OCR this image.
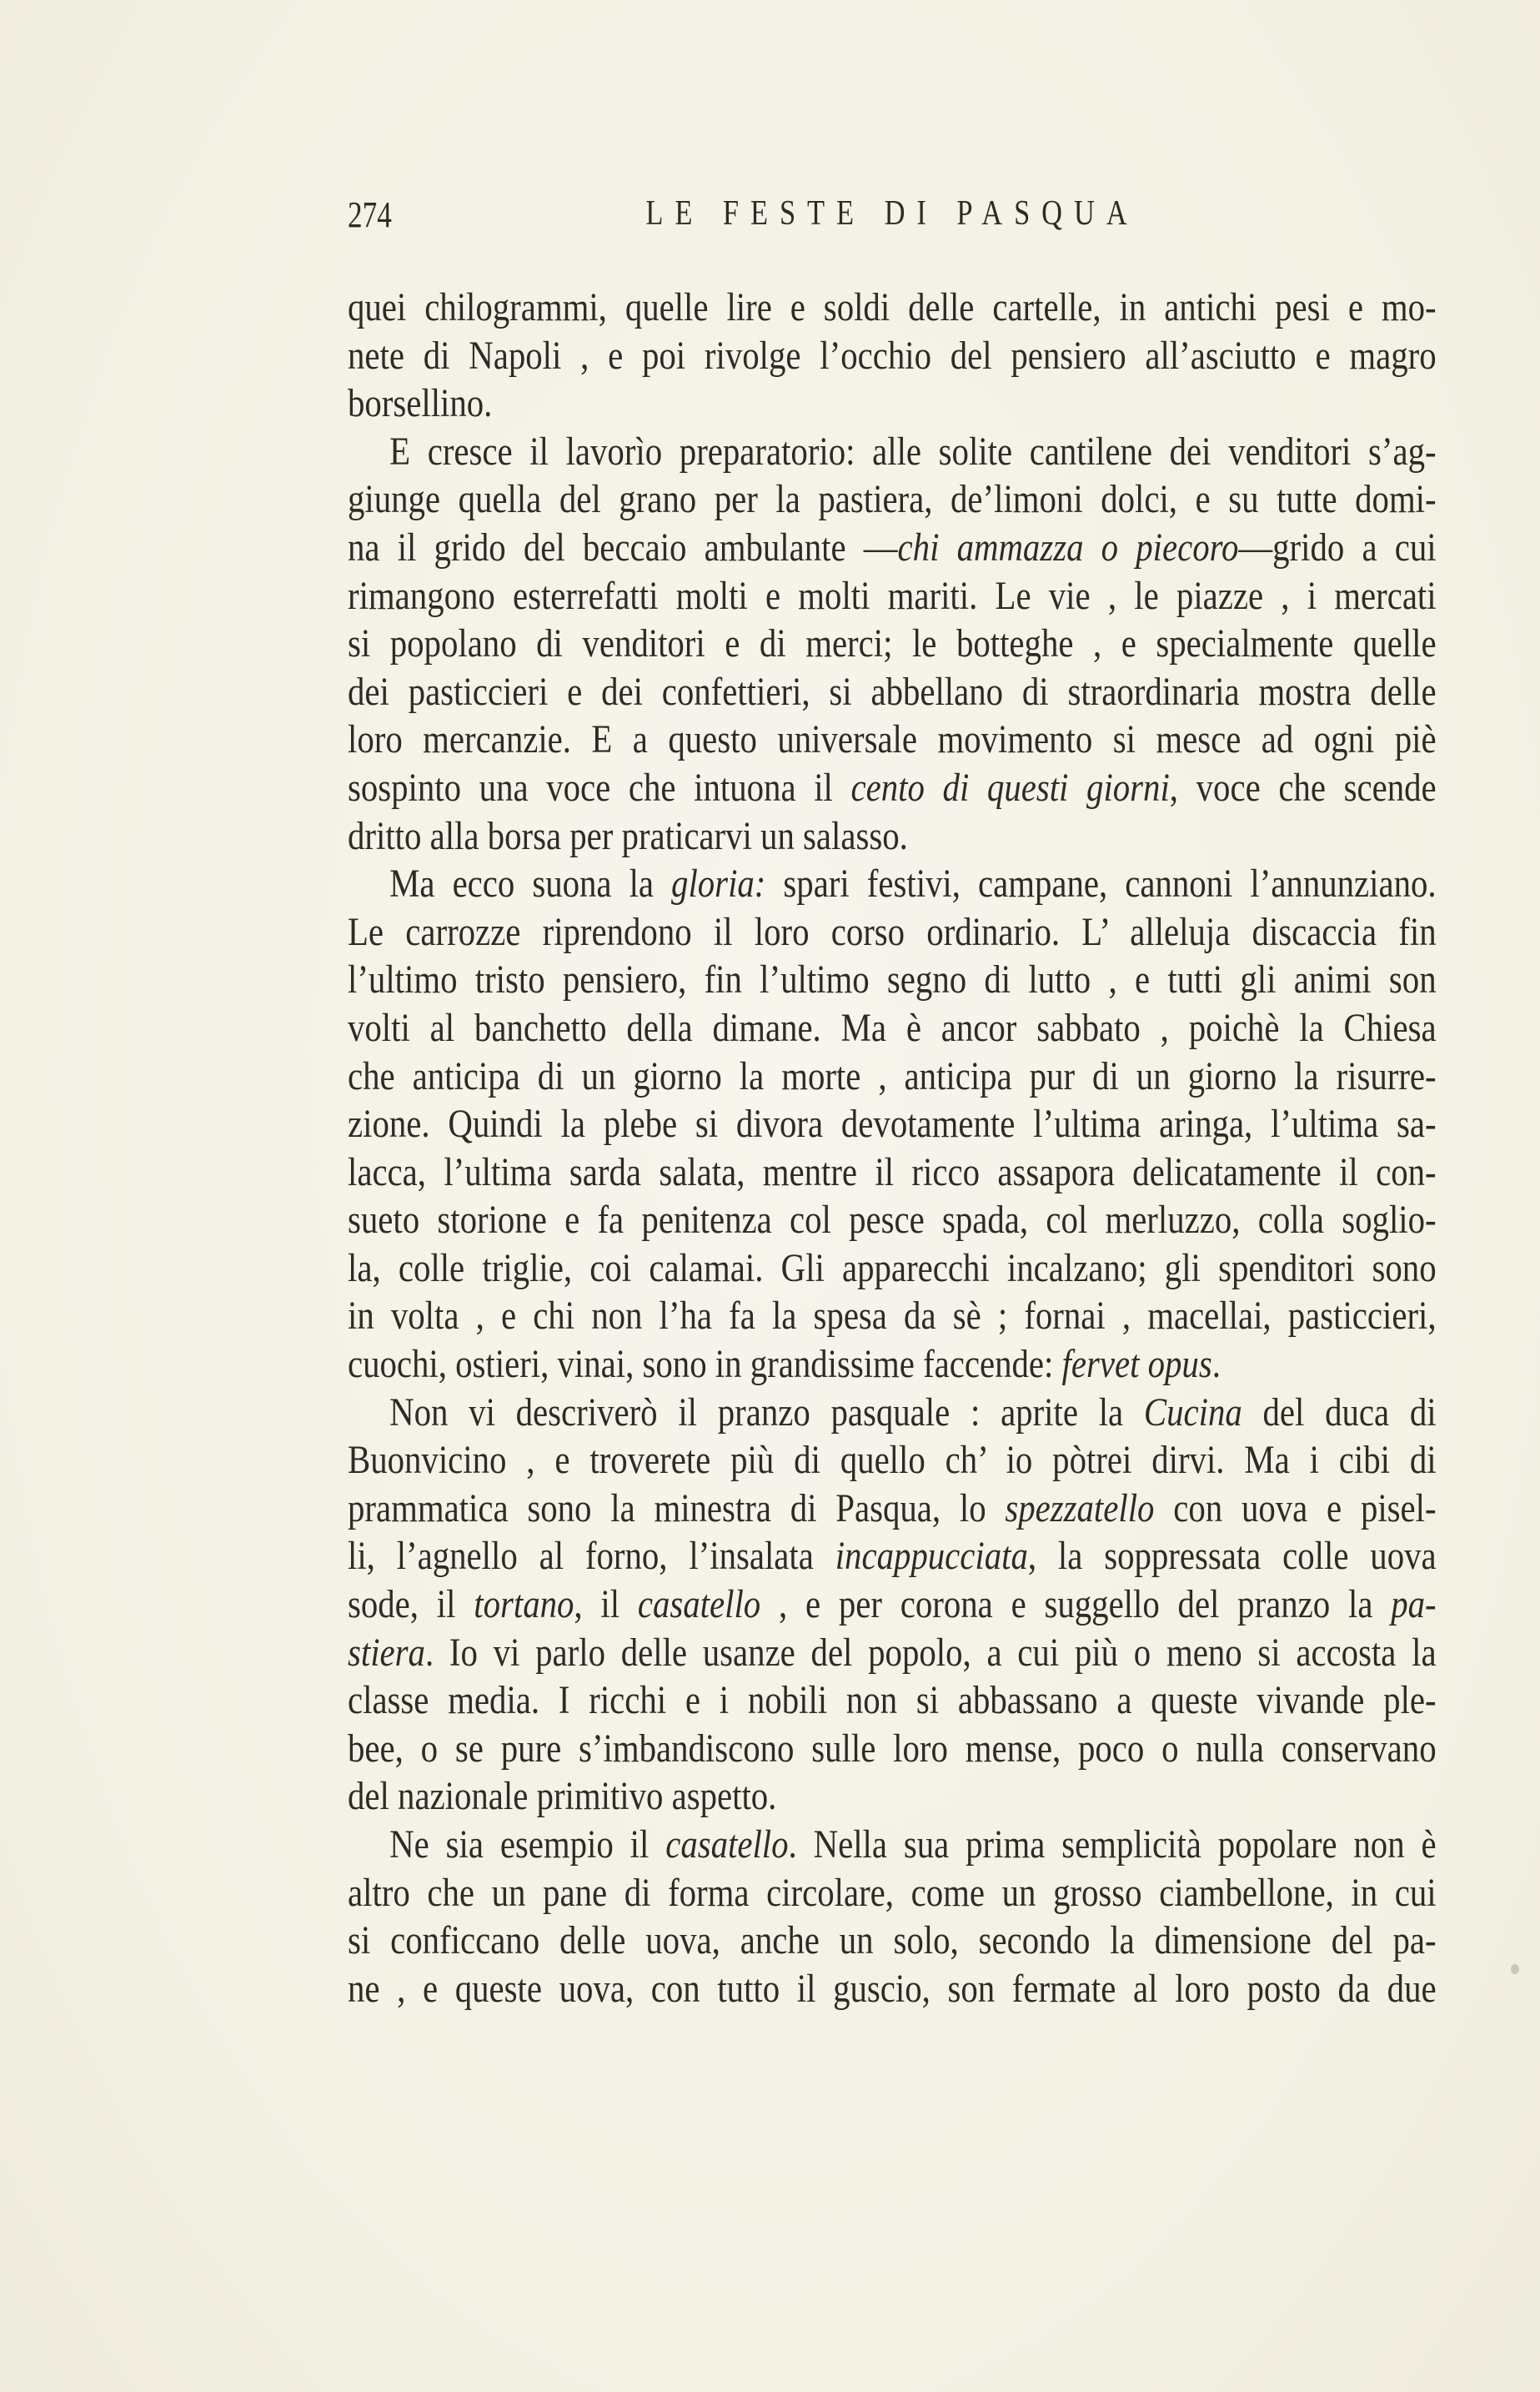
274	LE FESTE DI PASQUA
quei chilogrammi, quelle lire e soldi delle cartelle, in antichi pesi e mo-
nete di Napoli , e poi rivolge l’occhio del pensiero all’asciutto e magro
borsellino.
E cresce il lavorìo preparatorio: alle solite cantilene dei venditori s’ag-
giunge quella del grano per la pastiera, de’limoni dolci, e su tutte domi-
na il grido del beccaio ambulante —chi ammazza o piecoro—grido a cui
rimangono esterrefatti molti e molti mariti. Le vie , le piazze , i mercati
si popolano di venditori e di merci; le botteghe , e specialmente quelle
dei pasticcieri e dei confettieri, si abbellano di straordinaria mostra delle
loro mercanzie. E a questo universale movimento si mesce ad ogni piè
sospinto una voce che intuona il cento di questi giorni, voce che scende
dritto alla borsa per praticarvi un salasso.
Ma ecco suona la gloria: spari festivi, campane, cannoni l’annunziano.
Le carrozze riprendono il loro corso ordinario. L’ alleluja discaccia fin
l’ultimo tristo pensiero, fin l’ultimo segno di lutto , e tutti gli animi son
volti al banchetto della dimane. Ma è ancor sabbato , poichè la Chiesa
che anticipa di un giorno la morte , anticipa pur di un giorno la risurre-
zione. Quindi la plebe si divora devotamente l’ultima aringa, l’ultima sa-
lacca, l’ultima sarda salata, mentre il ricco assapora delicatamente il con-
sueto storione e fa penitenza col pesce spada, col merluzzo, colla soglio-
la, colle triglie, coi calamai. Gli apparecchi incalzano; gli spenditori sono
in volta , e chi non l’ha fa la spesa da sè ; fornai , macellai, pasticcieri,
cuochi, ostieri, vinai, sono in grandissime faccende: fervet opus.
Non vi descriverò il pranzo pasquale : aprite la Cucina del duca di
Buonvicino , e troverete più di quello ch’ io pòtrei dirvi. Ma i cibi di
prammatica sono la minestra di Pasqua, lo spezzatello con uova e pisel-
li, l’agnello al forno, l’insalata incappucciata, la soppressata colle uova
sode, il tortano, il casatello , e per corona e suggello del pranzo la pa-
stiera. Io vi parlo delle usanze del popolo, a cui più o meno si accosta la
classe media. I ricchi e i nobili non si abbassano a queste vivande ple-
bee, o se pure s’imbandiscono sulle loro mense, poco o nulla conservano
del nazionale primitivo aspetto.
Ne sia esempio il casatello. Nella sua prima semplicità popolare non è
altro che un pane di forma circolare, come un grosso ciambellone, in cui
si conficcano delle uova, anche un solo, secondo la dimensione del pa-
ne , e queste uova, con tutto il guscio, son fermate al loro posto da due
